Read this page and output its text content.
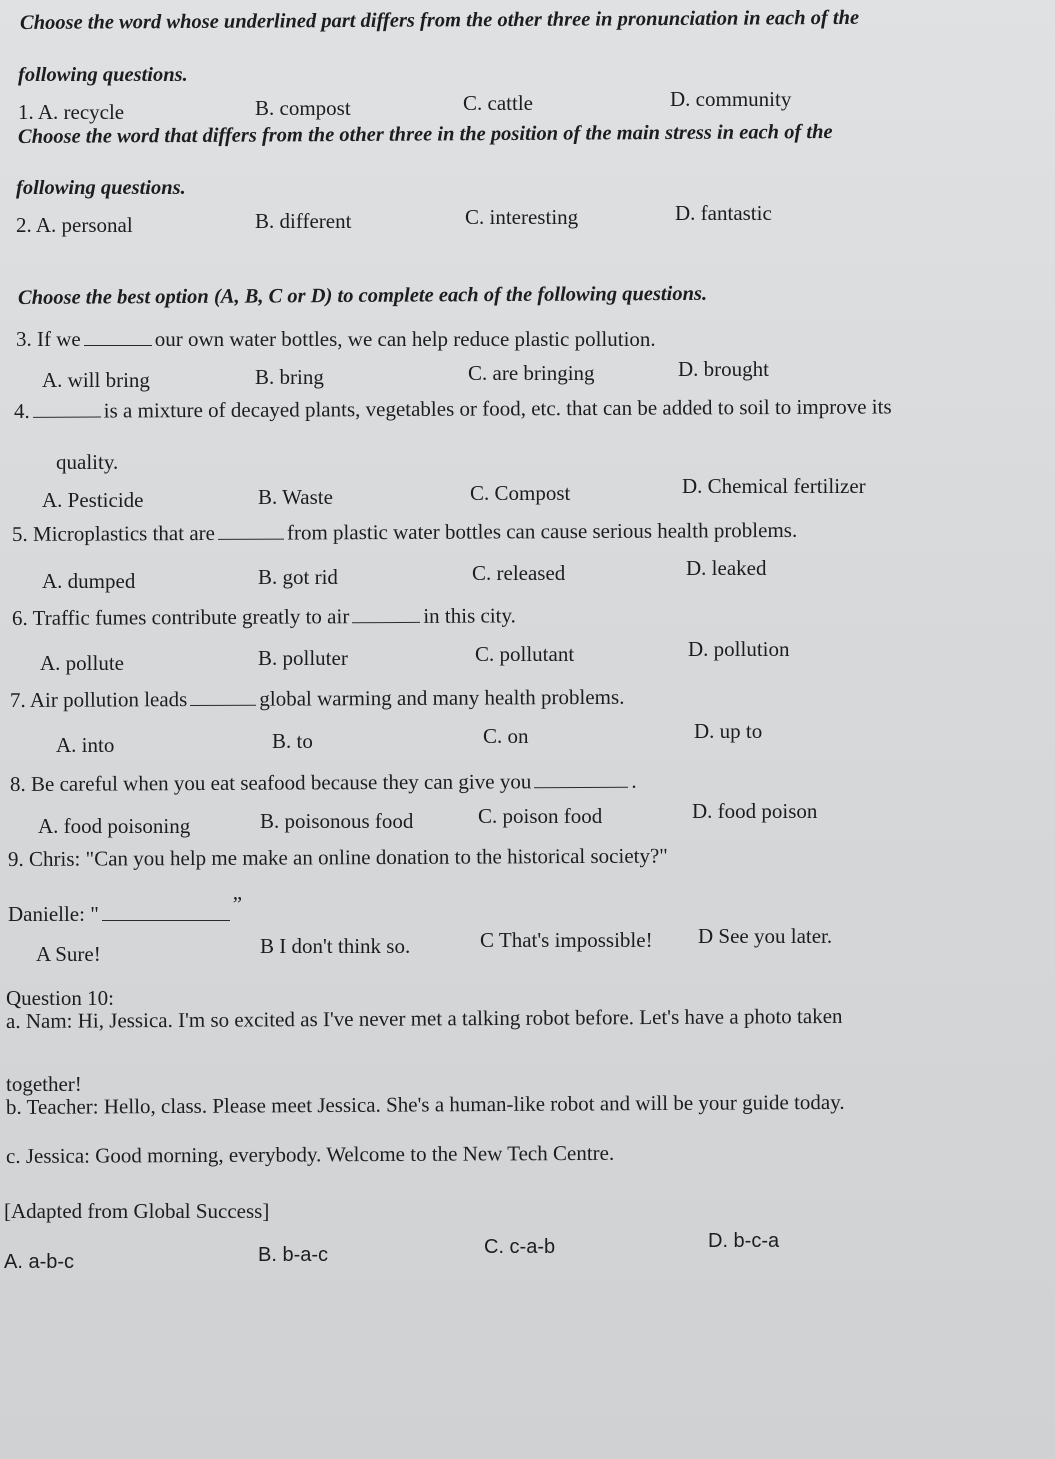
Choose the word whose underlined part differs from the other three in pronunciation in each of the
following questions.
1. A. recycle	B. compost	C. cattle	D. community
Choose the word that differs from the other three in the position of the main stress in each of the
following questions.
2. A. personal	B. different	C. interesting	D. fantastic
Choose the best option (A, B, C or D) to complete each of the following questions.
3. If we	our own water bottles, we can help reduce plastic pollution.
A. will bring	B. bring	C. are bringing	D. brought
4.	is a mixture of decayed plants, vegetables or food, etc. that can be added to soil to improve its
quality.
A. Pesticide	B. Waste	C. Compost	D. Chemical fertilizer
5. Microplastics that are	from plastic water bottles can cause serious health problems.
A. dumped	B. got rid	C. released	D. leaked
6. Traffic fumes contribute greatly to air	in this city.
A. pollute	B. polluter	C. pollutant	D. pollution
7. Air pollution leads	global warming and many health problems.
A. into	B. to	C. on	D. up to
8. Be careful when you eat seafood because they can give you	.
A. food poisoning	B. poisonous food	C. poison food	D. food poison
9. Chris: "Can you help me make an online donation to the historical society?"
Danielle: "	”
A Sure!	B I don't think so.	C That's impossible! D See you later.
Question 10:
a. Nam: Hi, Jessica. I'm so excited as I've never met a talking robot before. Let's have a photo taken
together!
b. Teacher: Hello, class. Please meet Jessica. She's a human-like robot and will be your guide today.
c. Jessica: Good morning, everybody. Welcome to the New Tech Centre.
[Adapted from Global Success]
A. a-b-c	B. b-a-c	C. c-a-b	D. b-c-a
